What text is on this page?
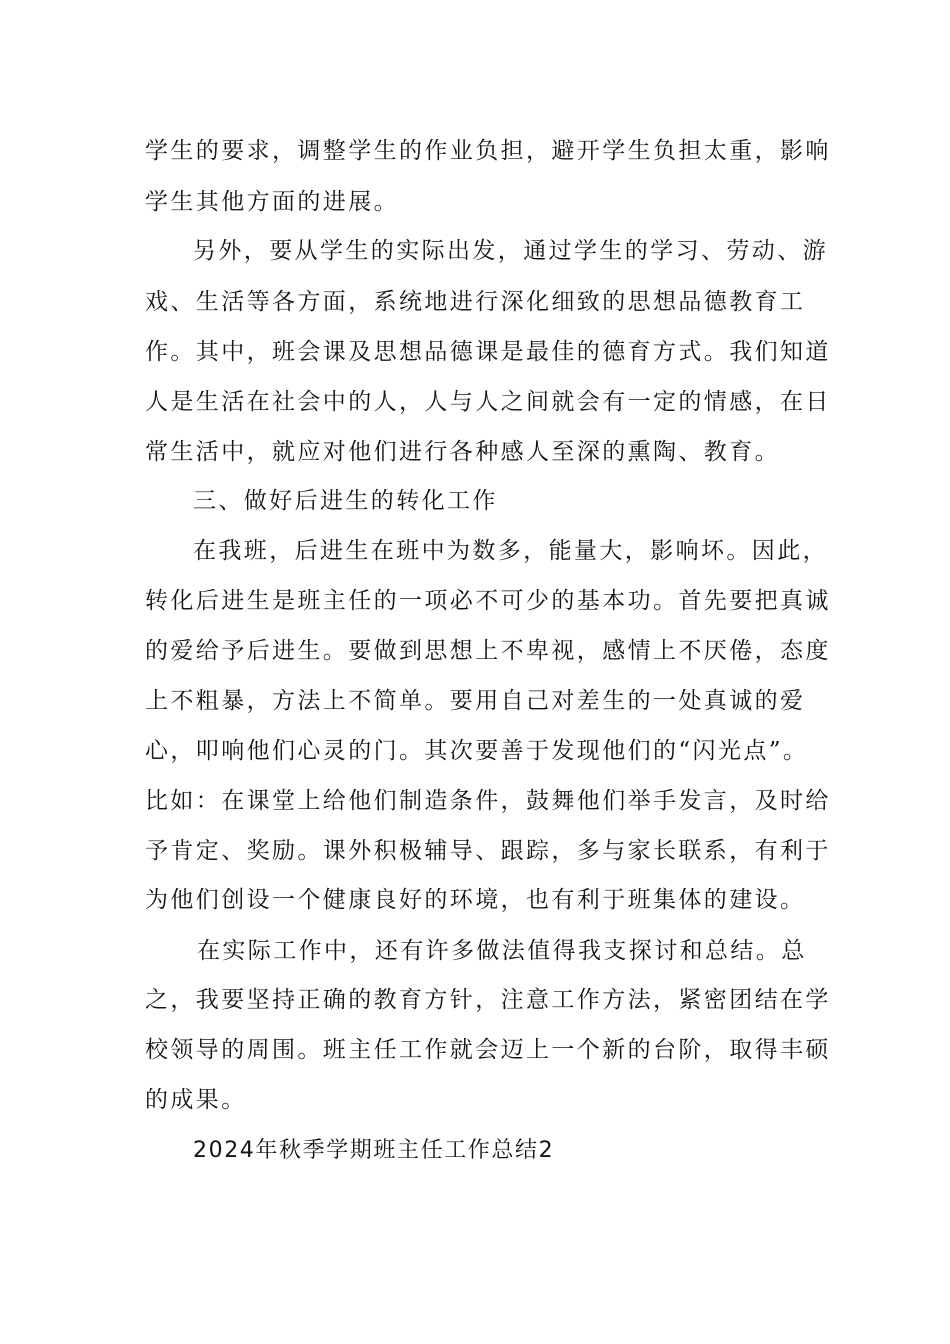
学生的要求，调整学生的作业负担，避开学生负担太重，影响
学生其他方面的进展。
另外，要从学生的实际出发，通过学生的学习、劳动、游
戏、生活等各方面，系统地进行深化细致的思想品德教育工
作。其中，班会课及思想品德课是最佳的德育方式。我们知道
人是生活在社会中的人，人与人之间就会有一定的情感，在日
常生活中，就应对他们进行各种感人至深的熏陶、教育。
三、做好后进生的转化工作
在我班，后进生在班中为数多，能量大，影响坏。因此，
转化后进生是班主任的一项必不可少的基本功。首先要把真诚
的爱给予后进生。要做到思想上不卑视，感情上不厌倦，态度
上不粗暴，方法上不简单。要用自己对差生的一处真诚的爱
心，叩响他们心灵的门。其次要善于发现他们的“闪光点”。
比如：在课堂上给他们制造条件，鼓舞他们举手发言，及时给
予肯定、奖励。课外积极辅导、跟踪，多与家长联系，有利于
为他们创设一个健康良好的环境，也有利于班集体的建设。
在实际工作中，还有许多做法值得我支探讨和总结。总
之，我要坚持正确的教育方针，注意工作方法，紧密团结在学
校领导的周围。班主任工作就会迈上一个新的台阶，取得丰硕
的成果。
2024年秋季学期班主任工作总结2
